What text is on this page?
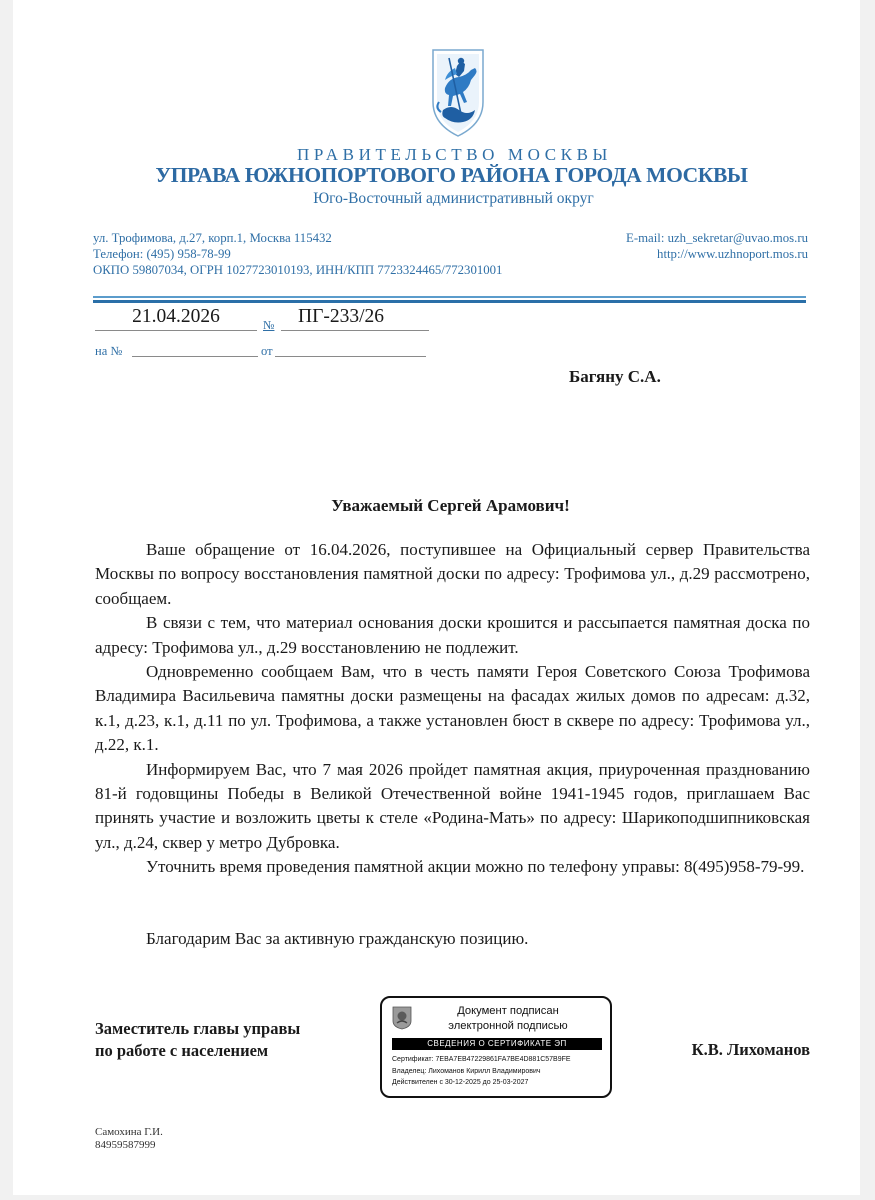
ПРАВИТЕЛЬСТВО МОСКВЫ
УПРАВА ЮЖНОПОРТОВОГО РАЙОНА ГОРОДА МОСКВЫ
Юго-Восточный административный округ
ул. Трофимова, д.27, корп.1, Москва 115432
Телефон: (495) 958-78-99
ОКПО 59807034, ОГРН 1027723010193, ИНН/КПП 7723324465/772301001
E-mail: uzh_sekretar@uvao.mos.ru
http://www.uzhnoport.mos.ru
21.04.2026	№	ПГ-233/26
на №	от
Багяну С.А.
Уважаемый Сергей Арамович!

Ваше обращение от 16.04.2026, поступившее на Официальный сервер Правительства Москвы по вопросу восстановления памятной доски по адресу: Трофимова ул., д.29 рассмотрено, сообщаем.

В связи с тем, что материал основания доски крошится и рассыпается памятная доска по адресу: Трофимова ул., д.29 восстановлению не подлежит.

Одновременно сообщаем Вам, что в честь памяти Героя Советского Союза Трофимова Владимира Васильевича памятны доски размещены на фасадах жилых домов по адресам: д.32, к.1, д.23, к.1, д.11 по ул. Трофимова, а также установлен бюст в сквере по адресу: Трофимова ул., д.22, к.1.

Информируем Вас, что 7 мая 2026 пройдет памятная акция, приуроченная празднованию 81-й годовщины Победы в Великой Отечественной войне 1941-1945 годов, приглашаем Вас принять участие и возложить цветы к стеле «Родина-Мать» по адресу: Шарикоподшипниковская ул., д.24, сквер у метро Дубровка.

Уточнить время проведения памятной акции можно по телефону управы: 8(495)958-79-99.

Благодарим Вас за активную гражданскую позицию.
Заместитель главы управы
по работе с населением
Документ подписан
электронной подписью
СВЕДЕНИЯ О СЕРТИФИКАТЕ ЭП
Сертификат: 7EBA7EB47229861FA7BE4D881C57B9FE
Владелец: Лихоманов Кирилл Владимирович
Действителен с 30-12-2025 до 25-03-2027
К.В. Лихоманов
Самохина Г.И.
84959587999
